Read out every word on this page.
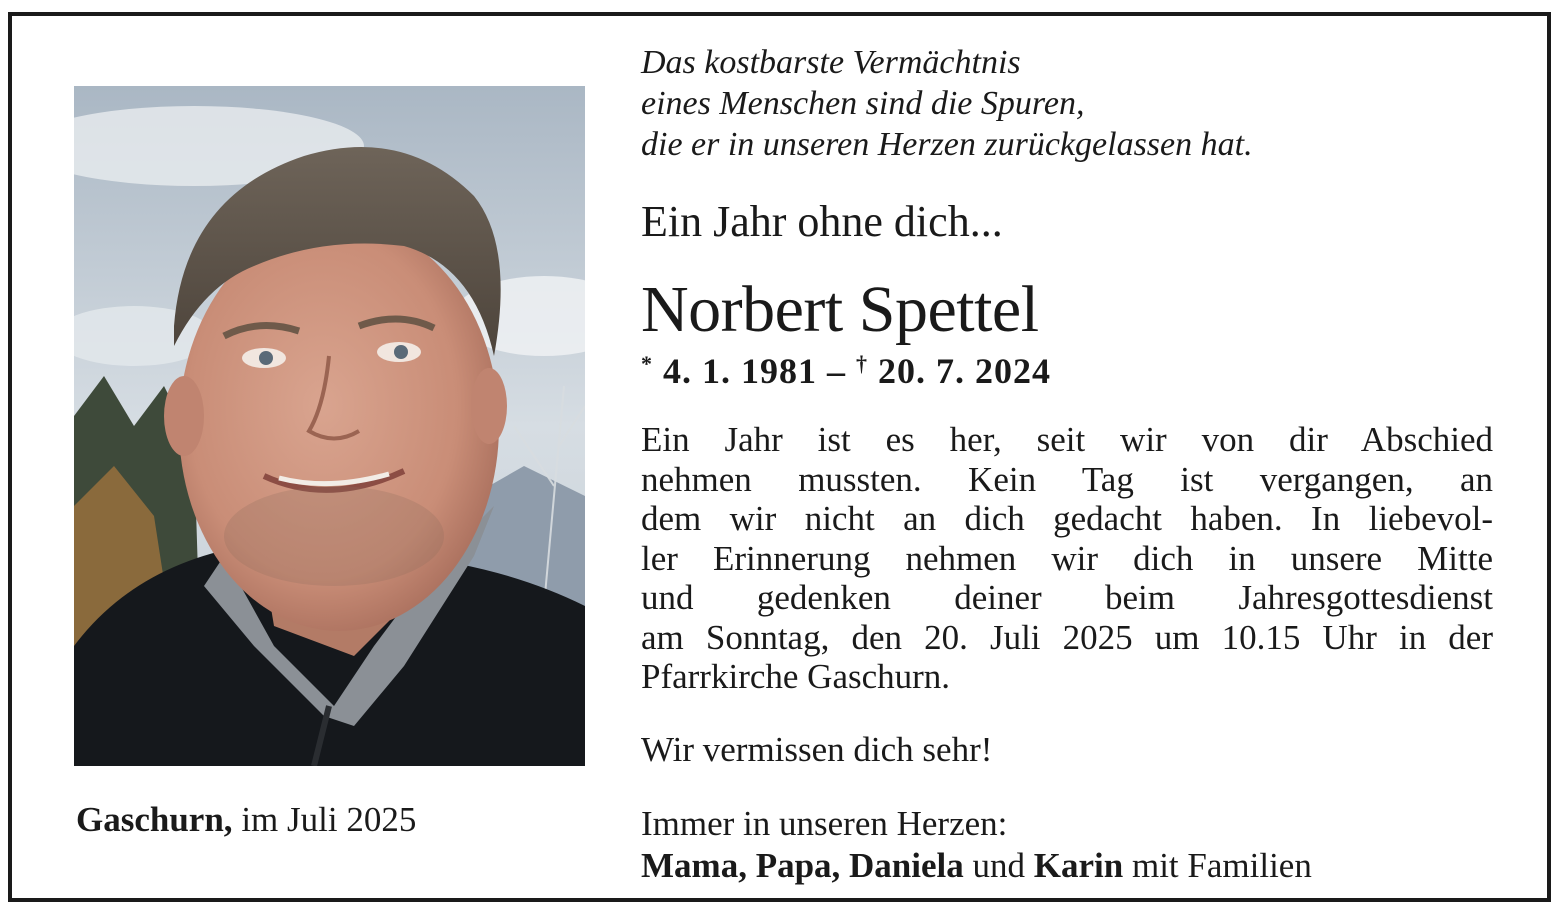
Das kostbarste Vermächtnis
eines Menschen sind die Spuren,
die er in unseren Herzen zurückgelassen hat.
Ein Jahr ohne dich...
Norbert Spettel
* 4. 1. 1981 – † 20. 7. 2024
Ein Jahr ist es her, seit wir von dir Abschied
nehmen mussten. Kein Tag ist vergangen, an
dem wir nicht an dich gedacht haben. In liebevol-
ler Erinnerung nehmen wir dich in unsere Mitte
und gedenken deiner beim Jahresgottesdienst
am Sonntag, den 20. Juli 2025 um 10.15 Uhr in der
Pfarrkirche Gaschurn.
Wir vermissen dich sehr!
Immer in unseren Herzen:
Mama, Papa, Daniela und Karin mit Familien
Gaschurn, im Juli 2025
